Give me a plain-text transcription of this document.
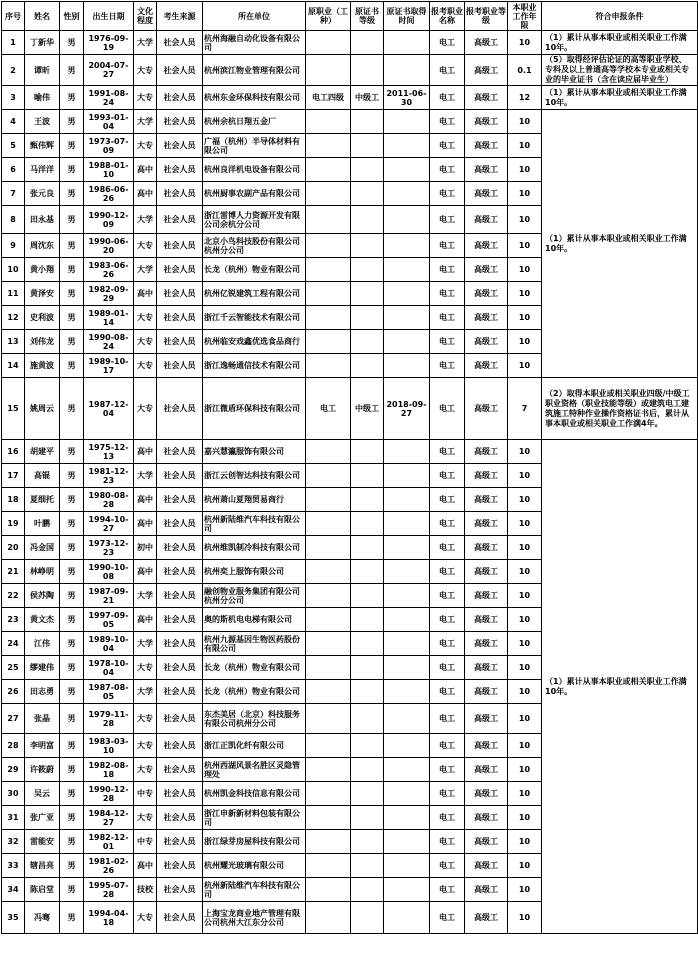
序号	姓名	性别	出生日期	文化程度	考生来源	所在单位	原职业（工种）	原证书等级	原证书取得时间	报考职业名称	报考职业等级	本职业工作年限	符合申报条件
1	丁新华	男	1976-09-19	大学	社会人员	杭州海融自动化设备有限公司				电工	高级工	10	（1）累计从事本职业或相关职业工作满10年。
2	谭昕	男	2004-07-27	大专	社会人员	杭州滨江物业管理有限公司				电工	高级工	0.1	（5）取得经评估论证的高等职业学校、专科及以上普通高等学校本专业或相关专业的毕业证书（含在读应届毕业生）
3	喻伟	男	1991-08-24	大专	社会人员	杭州东金环保科技有限公司	电工四级	中级工	2011-06-30	电工	高级工	12	（1）累计从事本职业或相关职业工作满10年。
4	王波	男	1993-01-04	大学	社会人员	杭州余杭日翔五金厂				电工	高级工	10	（1）累计从事本职业或相关职业工作满10年。
5	甄伟辉	男	1973-07-09	大专	社会人员	广福（杭州）半导体材料有限公司				电工	高级工	10	
6	马洋洋	男	1988-01-10	高中	社会人员	杭州良洋机电设备有限公司				电工	高级工	10	
7	张元良	男	1986-06-26	高中	社会人员	杭州厨事农副产品有限公司				电工	高级工	10	
8	田永基	男	1990-12-09	大学	社会人员	浙江雷博人力资源开发有限公司余杭分公司				电工	高级工	10	
9	周沈东	男	1990-06-20	大专	社会人员	北京小鸟科技股份有限公司杭州分公司				电工	高级工	10	
10	黄小翔	男	1983-06-26	大学	社会人员	长龙（杭州）物业有限公司				电工	高级工	10	
11	黄泽安	男	1982-09-29	高中	社会人员	杭州亿锐建筑工程有限公司				电工	高级工	10	
12	史利波	男	1989-01-14	大专	社会人员	浙江千云智能技术有限公司				电工	高级工	10	
13	刘伟龙	男	1990-08-24	大专	社会人员	杭州临安戏鑫优选食品商行				电工	高级工	10	
14	施黄波	男	1989-10-17	大专	社会人员	浙江逸畅通信技术有限公司				电工	高级工	10	
15	姚周云	男	1987-12-04	大专	社会人员	浙江微盾环保科技有限公司	电工	中级工	2018-09-27	电工	高级工	7	（2）取得本职业或相关职业四级/中级工职业资格（职业技能等级）或建筑电工建筑施工特种作业操作资格证书后，累计从事本职业或相关职业工作满4年。
16	胡建平	男	1975-12-13	高中	社会人员	嘉兴慧瀛服饰有限公司				电工	高级工	10	（1）累计从事本职业或相关职业工作满10年。
17	高锟	男	1981-12-23	大学	社会人员	浙江云创智达科技有限公司				电工	高级工	10	
18	夏细托	男	1980-08-28	高中	社会人员	杭州萧山夏翔贸易商行				电工	高级工	10	
19	叶鹏	男	1994-10-27	高中	社会人员	杭州新陆维汽车科技有限公司				电工	高级工	10	
20	冯金国	男	1973-12-23	初中	社会人员	杭州维凯制冷科技有限公司				电工	高级工	10	
21	林峥明	男	1990-10-08	高中	社会人员	杭州奕上服饰有限公司				电工	高级工	10	
22	侯苏陶	男	1987-09-21	大学	社会人员	融创物业服务集团有限公司杭州分公司				电工	高级工	10	
23	黄文杰	男	1997-09-05	高中	社会人员	奥的斯机电电梯有限公司				电工	高级工	10	
24	江伟	男	1989-10-04	大学	社会人员	杭州九源基因生物医药股份有限公司				电工	高级工	10	
25	缪建伟	男	1978-10-04	大专	社会人员	长龙（杭州）物业有限公司				电工	高级工	10	
26	田志勇	男	1987-08-05	大学	社会人员	长龙（杭州）物业有限公司				电工	高级工	10	
27	张晶	男	1979-11-28	大专	社会人员	东杰美居（北京）科技服务有限公司杭州分公司				电工	高级工	10	
28	李明富	男	1983-03-10	大专	社会人员	浙江正凯化纤有限公司				电工	高级工	10	
29	许筱蔚	男	1982-08-18	大专	社会人员	杭州西湖风景名胜区灵隐管理处				电工	高级工	10	
30	吴云	男	1990-12-28	中专	社会人员	杭州凯金科技信息有限公司				电工	高级工	10	
31	张广亚	男	1984-12-27	大专	社会人员	浙江申新新材料包装有限公司				电工	高级工	10	
32	雷能安	男	1982-12-01	中专	社会人员	浙江绿芽房屋科技有限公司				电工	高级工	10	
33	辖昌亮	男	1981-02-26	高中	社会人员	杭州耀光玻璃有限公司				电工	高级工	10	
34	陈启堂	男	1995-07-28	技校	社会人员	杭州新陆维汽车科技有限公司				电工	高级工	10	
35	冯骞	男	1994-04-18	大专	社会人员	上海宝龙商业地产管理有限公司杭州大江东分公司				电工	高级工	10	
